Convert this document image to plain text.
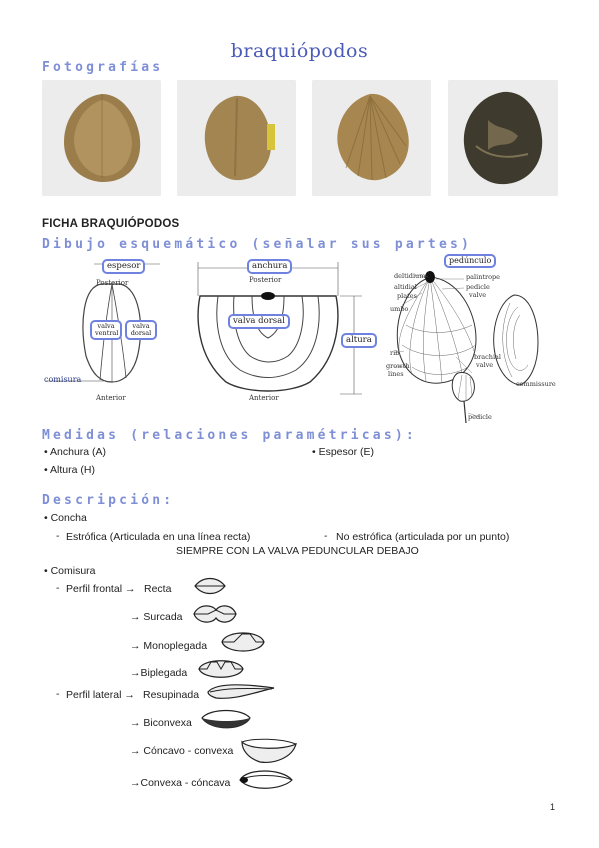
braquiópodos
Fotografías
FICHA BRAQUIÓPODOS
Dibujo esquemático (señalar sus partes)
espesor
Posterior
valva ventral
valva dorsal
Anterior
comisura
anchura
Posterior
valva dorsal
altura
Anterior
pedúnculo
deltidium
altidial
plates
umbo
palintrope
pedicle
valve
rib
growth
lines
brachial
valve
commissure
pedicle
Medidas (relaciones paramétricas):
• Anchura (A)	• Espesor (E)
• Altura (H)
Descripción:
• Concha
- Estrófica (Articulada en una línea recta)	- No estrófica (articulada por un punto)
SIEMPRE CON LA VALVA PEDUNCULAR DEBAJO
• Comisura
- Perfil frontal → Recta
→ Surcada
→ Monoplegada
→Biplegada
- Perfil lateral → Resupinada
→ Biconvexa
→ Cóncavo - convexa
→Convexa - cóncava
1
